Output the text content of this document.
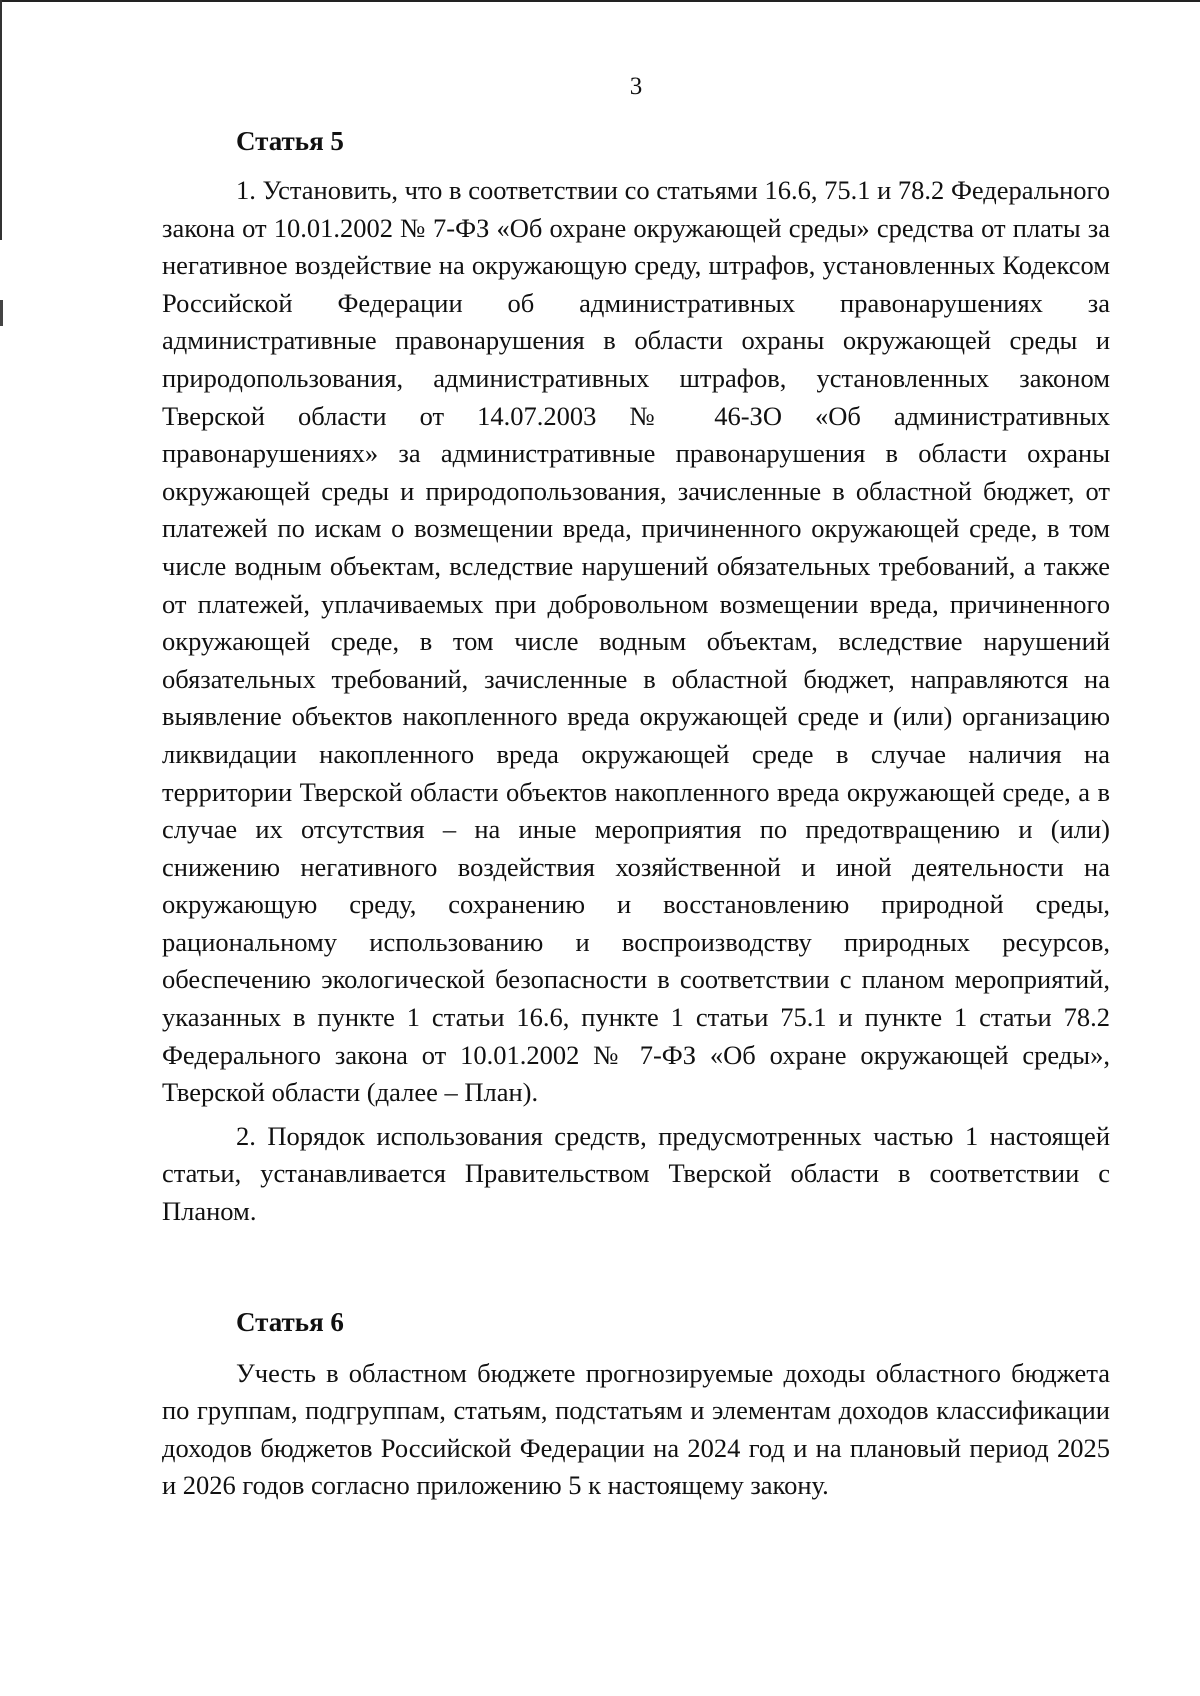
3
Статья 5

1. Установить, что в соответствии со статьями 16.6, 75.1 и 78.2 Федерального закона от 10.01.2002 № 7-ФЗ «Об охране окружающей среды» средства от платы за негативное воздействие на окружающую среду, штрафов, установленных Кодексом Российской Федерации об административных правонарушениях за административные правонарушения в области охраны окружающей среды и природопользования, административных штрафов, установленных законом Тверской области от 14.07.2003 № 46-ЗО «Об административных правонарушениях» за административные правонарушения в области охраны окружающей среды и природопользования, зачисленные в областной бюджет, от платежей по искам о возмещении вреда, причиненного окружающей среде, в том числе водным объектам, вследствие нарушений обязательных требований, а также от платежей, уплачиваемых при добровольном возмещении вреда, причиненного окружающей среде, в том числе водным объектам, вследствие нарушений обязательных требований, зачисленные в областной бюджет, направляются на выявление объектов накопленного вреда окружающей среде и (или) организацию ликвидации накопленного вреда окружающей среде в случае наличия на территории Тверской области объектов накопленного вреда окружающей среде, а в случае их отсутствия – на иные мероприятия по предотвращению и (или) снижению негативного воздействия хозяйственной и иной деятельности на окружающую среду, сохранению и восстановлению природной среды, рациональному использованию и воспроизводству природных ресурсов, обеспечению экологической безопасности в соответствии с планом мероприятий, указанных в пункте 1 статьи 16.6, пункте 1 статьи 75.1 и пункте 1 статьи 78.2 Федерального закона от 10.01.2002 № 7-ФЗ «Об охране окружающей среды», Тверской области (далее – План).

2. Порядок использования средств, предусмотренных частью 1 настоящей статьи, устанавливается Правительством Тверской области в соответствии с Планом.

Статья 6

Учесть в областном бюджете прогнозируемые доходы областного бюджета по группам, подгруппам, статьям, подстатьям и элементам доходов классификации доходов бюджетов Российской Федерации на 2024 год и на плановый период 2025 и 2026 годов согласно приложению 5 к настоящему закону.
